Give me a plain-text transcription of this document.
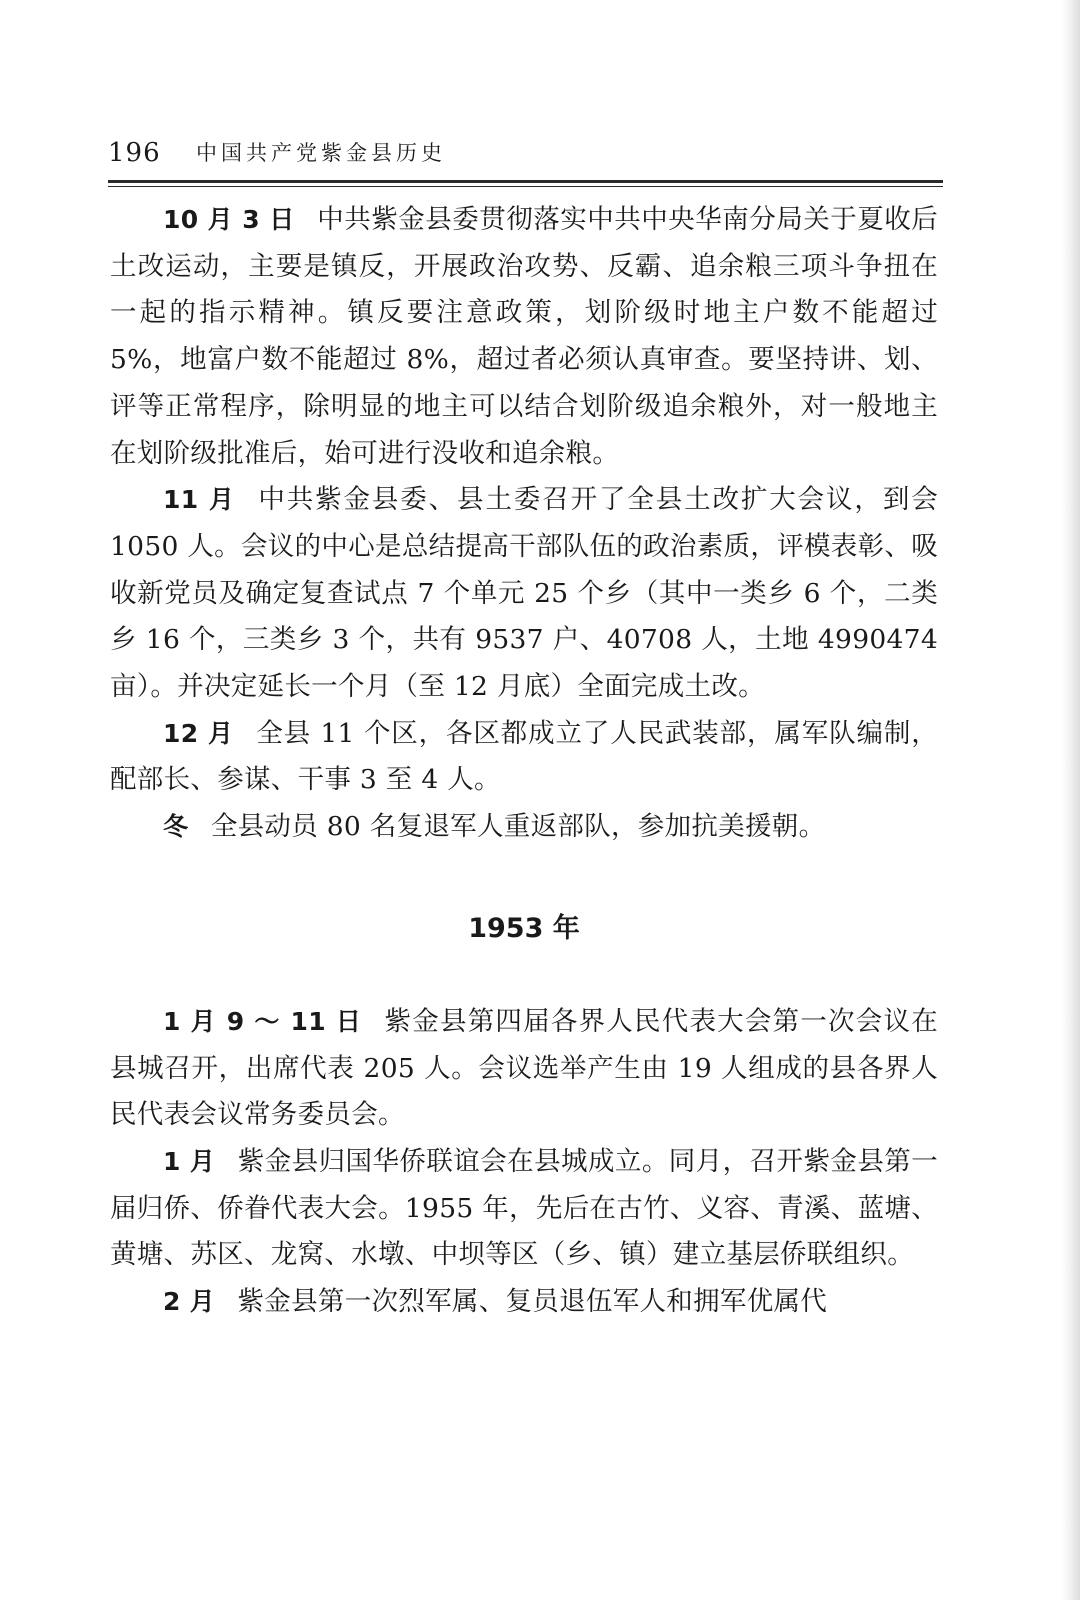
196 中国共产党紫金县历史

10 月 3 日 中共紫金县委贯彻落实中共中央华南分局关于夏收后土改运动，主要是镇反，开展政治攻势、反霸、追余粮三项斗争扭在一起的指示精神。镇反要注意政策，划阶级时地主户数不能超过 5%，地富户数不能超过 8%，超过者必须认真审查。要坚持讲、划、评等正常程序，除明显的地主可以结合划阶级追余粮外，对一般地主在划阶级批准后，始可进行没收和追余粮。

11 月 中共紫金县委、县土委召开了全县土改扩大会议，到会 1050 人。会议的中心是总结提高干部队伍的政治素质，评模表彰、吸收新党员及确定复查试点 7 个单元 25 个乡（其中一类乡 6 个，二类乡 16 个，三类乡 3 个，共有 9537 户、40708 人，土地 4990474 亩）。并决定延长一个月（至 12 月底）全面完成土改。

12 月 全县 11 个区，各区都成立了人民武装部，属军队编制，配部长、参谋、干事 3 至 4 人。

冬 全县动员 80 名复退军人重返部队，参加抗美援朝。

1953 年

1 月 9 ～ 11 日 紫金县第四届各界人民代表大会第一次会议在县城召开，出席代表 205 人。会议选举产生由 19 人组成的县各界人民代表会议常务委员会。

1 月 紫金县归国华侨联谊会在县城成立。同月，召开紫金县第一届归侨、侨眷代表大会。1955 年，先后在古竹、义容、青溪、蓝塘、黄塘、苏区、龙窝、水墩、中坝等区（乡、镇）建立基层侨联组织。

2 月 紫金县第一次烈军属、复员退伍军人和拥军优属代
